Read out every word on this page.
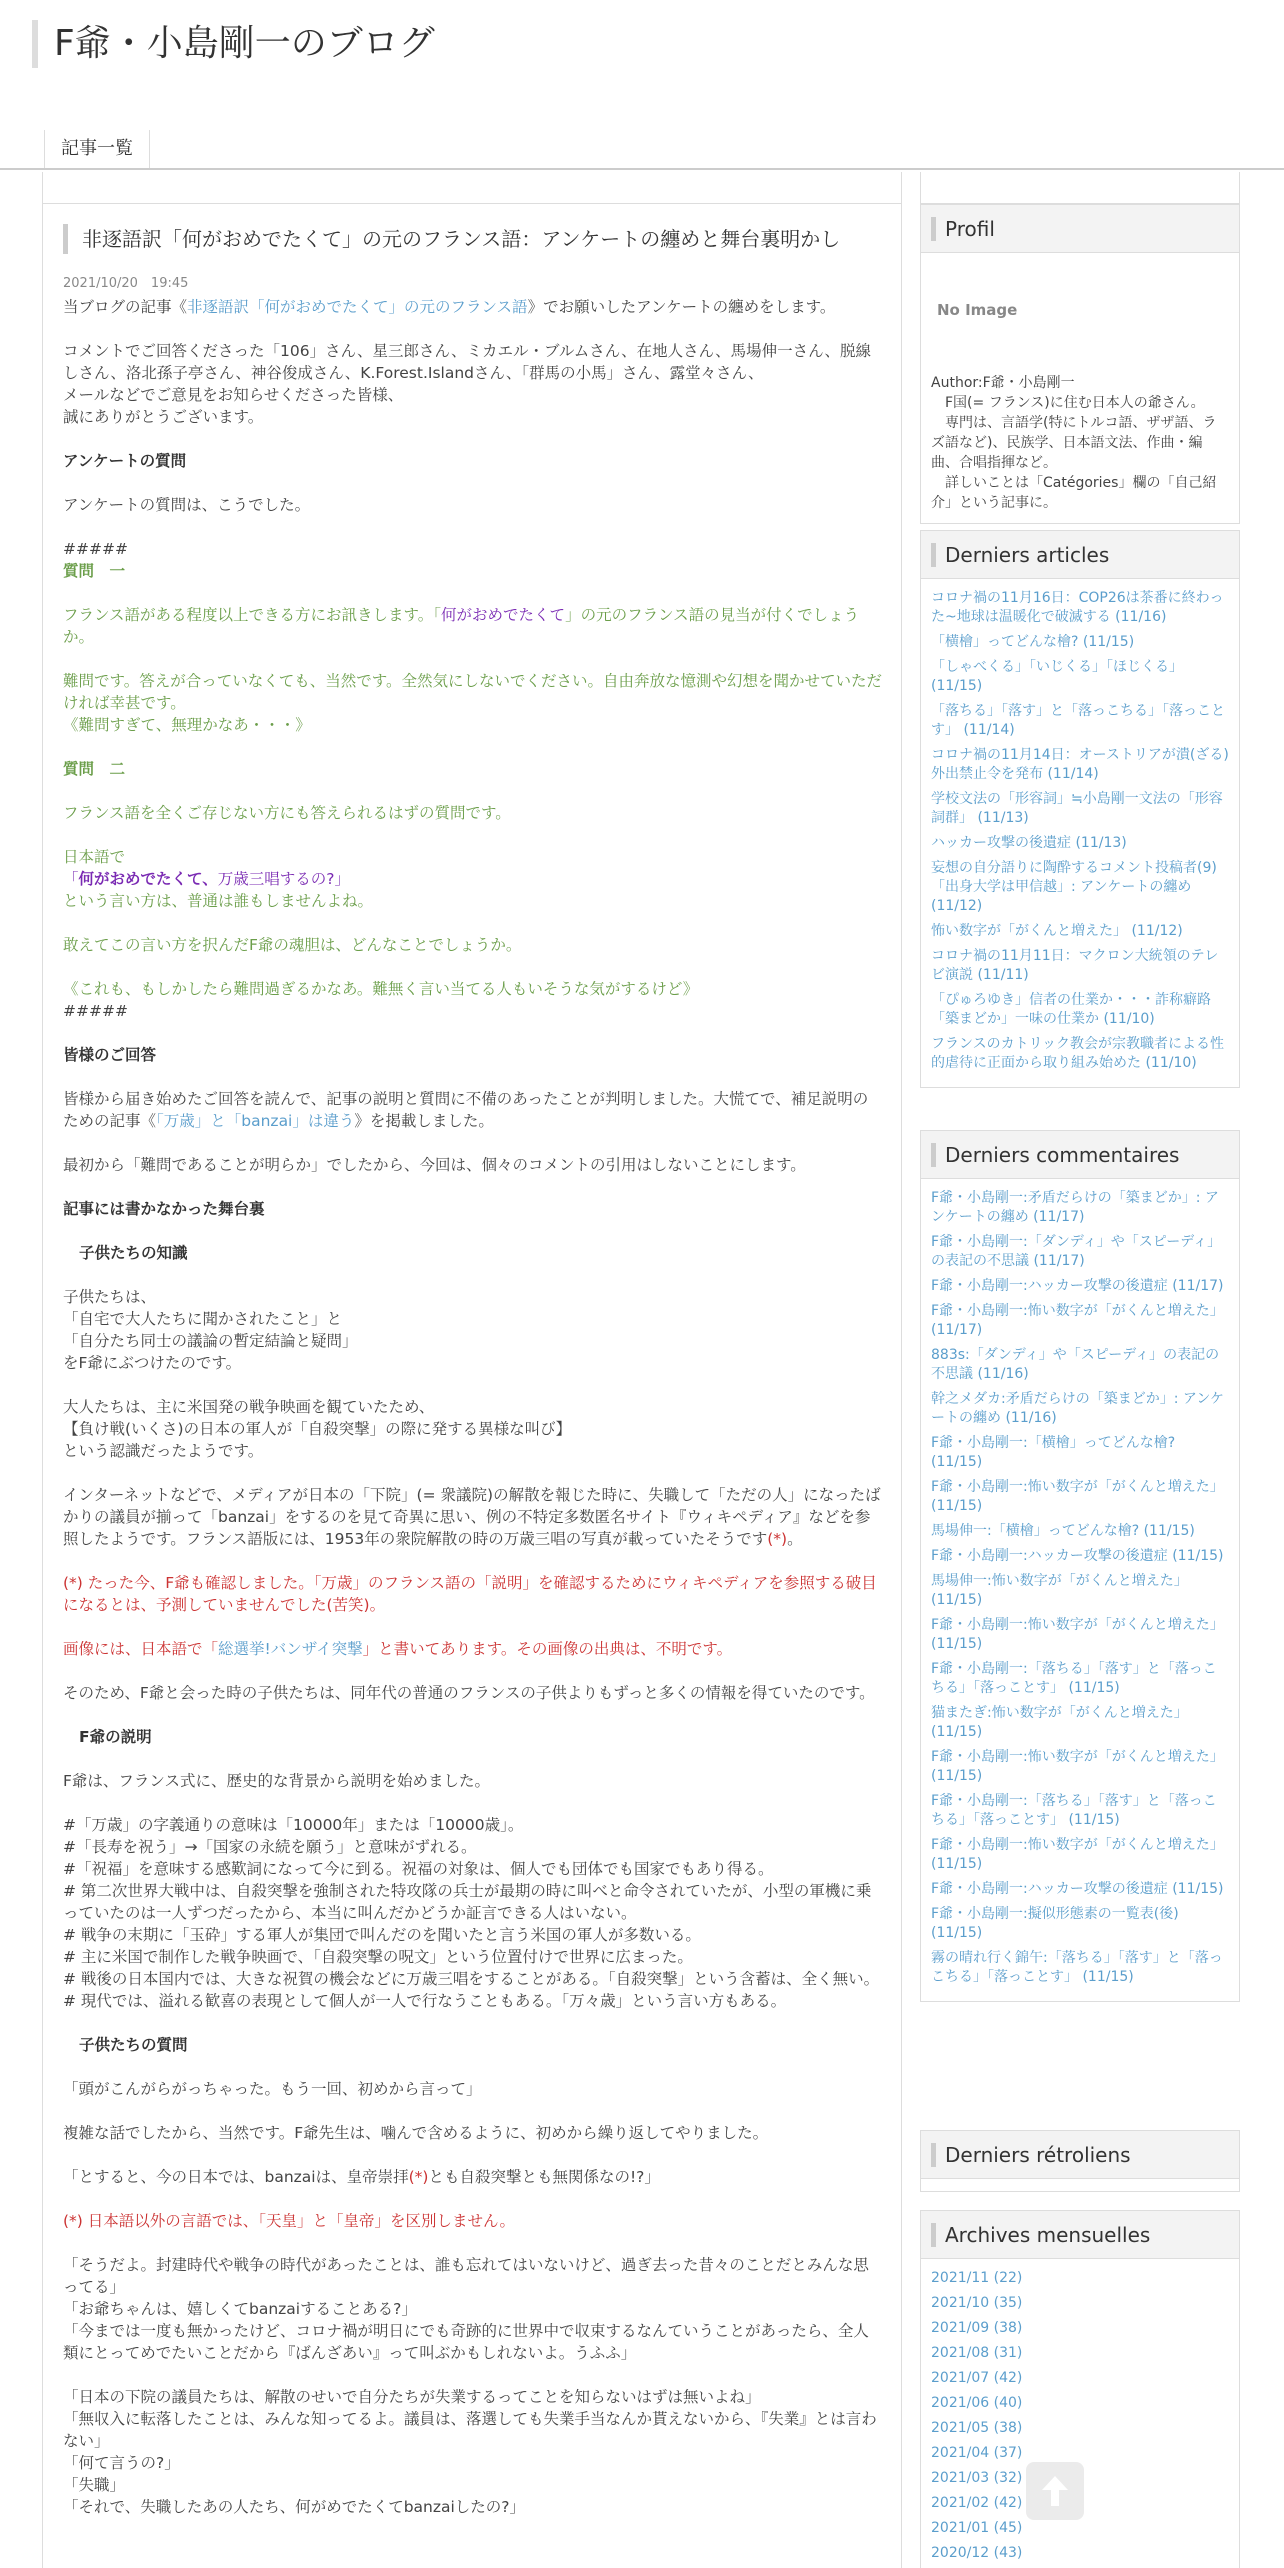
F爺・小島剛一のブログ
記事一覧
非逐語訳「何がおめでたくて」の元のフランス語：アンケートの纏めと舞台裏明かし
2021/10/20　19:45

当ブログの記事《非逐語訳「何がおめでたくて」の元のフランス語》でお願いしたアンケートの纏めをします。

コメントでご回答くださった「106」さん、星三郎さん、ミカエル・ブルムさん、在地人さん、馬場伸一さん、脱線しさん、洛北孫子亭さん、神谷俊成さん、K.Forest.Islandさん、「群馬の小馬」さん、露堂々さん、
メールなどでご意見をお知らせくださった皆様、

誠にありがとうございます。

アンケートの質問

アンケートの質問は、こうでした。

#####

質問　一

フランス語がある程度以上できる方にお訊きします。「何がおめでたくて」の元のフランス語の見当が付くでしょうか。

難問です。答えが合っていなくても、当然です。全然気にしないでください。自由奔放な憶測や幻想を聞かせていただければ幸甚です。

《難問すぎて、無理かなあ・・・》

質問　二

フランス語を全くご存じない方にも答えられるはずの質問です。

日本語で
「何がおめでたくて、万歳三唱するの?」

という言い方は、普通は誰もしませんよね。

敢えてこの言い方を択んだF爺の魂胆は、どんなことでしょうか。

《これも、もしかしたら難問過ぎるかなあ。難無く言い当てる人もいそうな気がするけど》

#####

皆様のご回答

皆様から届き始めたご回答を読んで、記事の説明と質問に不備のあったことが判明しました。大慌てで、補足説明のための記事《「万歳」と「banzai」は違う》を掲載しました。

最初から「難問であることが明らか」でしたから、今回は、個々のコメントの引用はしないことにします。

記事には書かなかった舞台裏

子供たちの知識

子供たちは、
「自宅で大人たちに聞かされたこと」と
「自分たち同士の議論の暫定結論と疑問」

をF爺にぶつけたのです。

大人たちは、主に米国発の戦争映画を観ていたため、
【負け戦(いくさ)の日本の軍人が「自殺突撃」の際に発する異様な叫び】

という認識だったようです。

インターネットなどで、メディアが日本の「下院」(= 衆議院)の解散を報じた時に、失職して「ただの人」になったばかりの議員が揃って「banzai」をするのを見て奇異に思い、例の不特定多数匿名サイト『ウィキペディア』などを参照したようです。フランス語版には、1953年の衆院解散の時の万歳三唱の写真が載っていたそうです(*)。

(*) たった今、F爺も確認しました。「万歳」のフランス語の「説明」を確認するためにウィキペディアを参照する破目になるとは、予測していませんでした(苦笑)。

画像には、日本語で「総選挙!バンザイ突撃」と書いてあります。その画像の出典は、不明です。

そのため、F爺と会った時の子供たちは、同年代の普通のフランスの子供よりもずっと多くの情報を得ていたのです。

F爺の説明

F爺は、フランス式に、歴史的な背景から説明を始めました。

#「万歳」の字義通りの意味は「10000年」または「10000歳」。
#「長寿を祝う」→「国家の永続を願う」と意味がずれる。
#「祝福」を意味する感歎詞になって今に到る。祝福の対象は、個人でも団体でも国家でもあり得る。
# 第二次世界大戦中は、自殺突撃を強制された特攻隊の兵士が最期の時に叫べと命令されていたが、小型の軍機に乗っていたのは一人ずつだったから、本当に叫んだかどうか証言できる人はいない。
# 戦争の末期に「玉砕」する軍人が集団で叫んだのを聞いたと言う米国の軍人が多数いる。
# 主に米国で制作した戦争映画で、「自殺突撃の呪文」という位置付けで世界に広まった。
# 戦後の日本国内では、大きな祝賀の機会などに万歳三唱をすることがある。「自殺突撃」という含蓄は、全く無い。

# 現代では、溢れる歓喜の表現として個人が一人で行なうこともある。「万々歳」という言い方もある。

子供たちの質問

「頭がこんがらがっちゃった。もう一回、初めから言って」

複雑な話でしたから、当然です。F爺先生は、噛んで含めるように、初めから繰り返してやりました。

「とすると、今の日本では、banzaiは、皇帝崇拝(*)とも自殺突撃とも無関係なの!?」

(*) 日本語以外の言語では、「天皇」と「皇帝」を区別しません。

「そうだよ。封建時代や戦争の時代があったことは、誰も忘れてはいないけど、過ぎ去った昔々のことだとみんな思ってる」
「お爺ちゃんは、嬉しくてbanzaiすることある?」

「今までは一度も無かったけど、コロナ禍が明日にでも奇跡的に世界中で収束するなんていうことがあったら、全人類にとってめでたいことだから『ばんざあい』って叫ぶかもしれないよ。うふふ」

「日本の下院の議員たちは、解散のせいで自分たちが失業するってことを知らないはずは無いよね」
「無収入に転落したことは、みんな知ってるよ。議員は、落選しても失業手当なんか貰えないから、『失業』とは言わない」
「何て言うの?」
「失職」
「それで、失職したあの人たち、何がめでたくてbanzaiしたの?」
Profil
No Image
Author:F爺・小島剛一
　F国(= フランス)に住む日本人の爺さん。
　専門は、言語学(特にトルコ語、ザザ語、ラズ語など)、民族学、日本語文法、作曲・編曲、合唱指揮など。
　詳しいことは「Catégories」欄の「自己紹介」という記事に。
Derniers articles
コロナ禍の11月16日：COP26は茶番に終わった~地球は温暖化で破滅する (11/16)
「横檜」ってどんな檜? (11/15)
「しゃべくる」「いじくる」「ほじくる」 (11/15)
「落ちる」「落す」と「落っこちる」「落っことす」 (11/14)
コロナ禍の11月14日：オーストリアが潰(ざる)外出禁止令を発布 (11/14)
学校文法の「形容詞」≒小島剛一文法の「形容詞群」 (11/13)
ハッカー攻撃の後遺症 (11/13)
妄想の自分語りに陶酔するコメント投稿者(9)「出身大学は甲信越」: アンケートの纏め (11/12)
怖い数字が「がくんと増えた」 (11/12)
コロナ禍の11月11日：マクロン大統領のテレビ演説 (11/11)
「ぴゅろゆき」信者の仕業か・・・詐称癖路「築まどか」一味の仕業か (11/10)
フランスのカトリック教会が宗教職者による性的虐待に正面から取り組み始めた (11/10)
Derniers commentaires
F爺・小島剛一:矛盾だらけの「築まどか」: アンケートの纏め (11/17)
F爺・小島剛一:「ダンディ」や「スピーディ」の表記の不思議 (11/17)
F爺・小島剛一:ハッカー攻撃の後遺症 (11/17)
F爺・小島剛一:怖い数字が「がくんと増えた」 (11/17)
883s:「ダンディ」や「スピーディ」の表記の不思議 (11/16)
幹之メダカ:矛盾だらけの「築まどか」: アンケートの纏め (11/16)
F爺・小島剛一:「横檜」ってどんな檜? (11/15)
F爺・小島剛一:怖い数字が「がくんと増えた」 (11/15)
馬場伸一:「横檜」ってどんな檜? (11/15)
F爺・小島剛一:ハッカー攻撃の後遺症 (11/15)
馬場伸一:怖い数字が「がくんと増えた」 (11/15)
F爺・小島剛一:怖い数字が「がくんと増えた」 (11/15)
F爺・小島剛一:「落ちる」「落す」と「落っこちる」「落っことす」 (11/15)
猫またぎ:怖い数字が「がくんと増えた」 (11/15)
F爺・小島剛一:怖い数字が「がくんと増えた」 (11/15)
F爺・小島剛一:「落ちる」「落す」と「落っこちる」「落っことす」 (11/15)
F爺・小島剛一:怖い数字が「がくんと増えた」 (11/15)
F爺・小島剛一:ハッカー攻撃の後遺症 (11/15)
F爺・小島剛一:擬似形態素の一覧表(後) (11/15)
霧の晴れ行く錦午:「落ちる」「落す」と「落っこちる」「落っことす」 (11/15)
Derniers rétroliens
Archives mensuelles
2021/11 (22)
2021/10 (35)
2021/09 (38)
2021/08 (31)
2021/07 (42)
2021/06 (40)
2021/05 (38)
2021/04 (37)
2021/03 (32)
2021/02 (42)
2021/01 (45)
2020/12 (43)
